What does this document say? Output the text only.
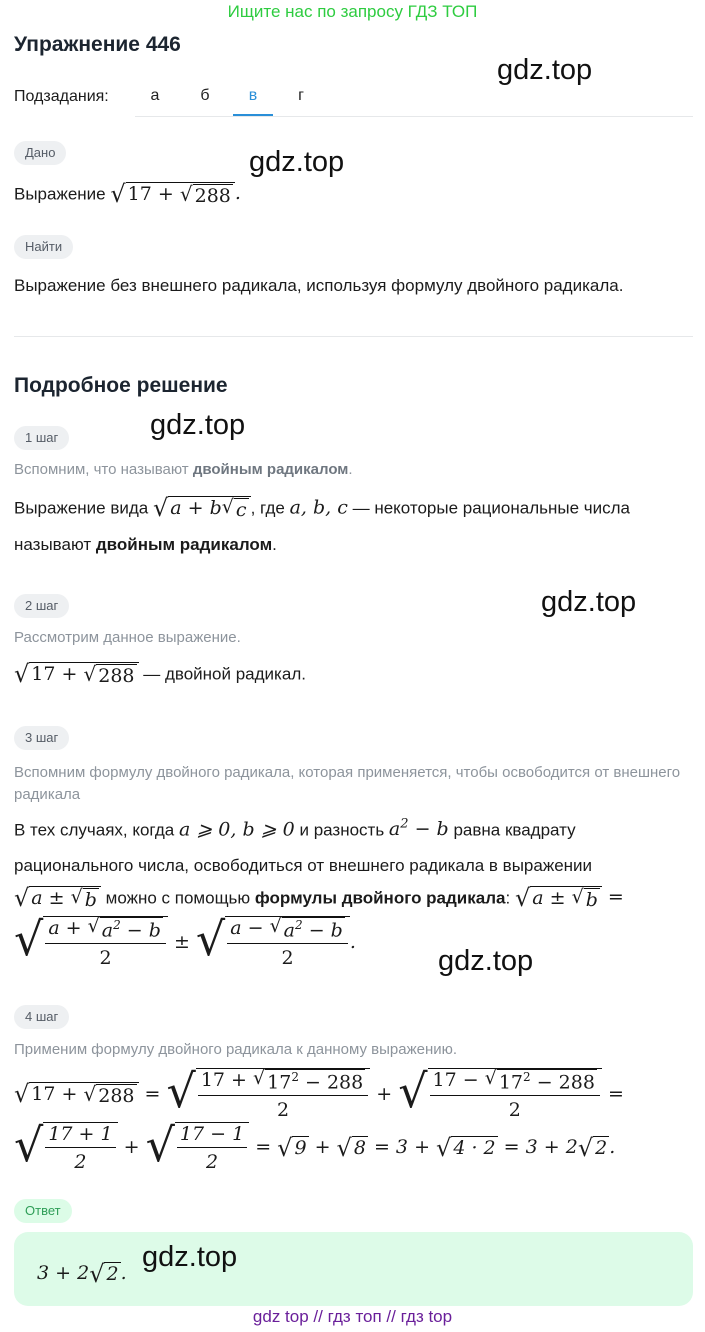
Ищите нас по запросу ГДЗ ТОП
Упражнение 446
Подзадания:	а	б	в	г
gdz.top
Дано
Выражение √ 17 + √ 288 .
gdz.top
Найти
Выражение без внешнего радикала, используя формулу двойного радикала.
Подробное решение
gdz.top
1 шаг
Вспомним, что называют двойным радикалом.
Выражение вида √ a + b √ c , где a, b, c — некоторые рациональные числа
называют двойным радикалом.
gdz.top
2 шаг
Рассмотрим данное выражение.
√ 17 + √ 288 — двойной радикал.
3 шаг
Вспомним формулу двойного радикала, которая применяется, чтобы освободится от внешнего радикала
В тех случаях, когда a ⩾ 0, b ⩾ 0 и разность $a^2 - b$ равна квадрату
рационального числа, освободиться от внешнего радикала в выражении
√ a ± √ b можно с помощью формулы двойного радикала: √ a ± √ b =
√ $\frac{a + √ a^2 - b}{2}$ ± √ $\frac{a - √ a^2 - b}{2}$ .
gdz.top
4 шаг
Применим формулу двойного радикала к данному выражению.
√ 17 + √ 288 = √ $\frac{17 + √ 17^2 - 288}{2}$ + √ $\frac{17 - √ 17^2 - 288}{2}$ =
√ $\frac{17 + 1}{2}$ + √ $\frac{17 - 1}{2}$ = √ 9 + √ 8 = 3 + √ 4 · 2 = 3 + 2 √ 2 .
Ответ
3 + 2 √ 2 . gdz.top
gdz top // гдз топ // гдз top
